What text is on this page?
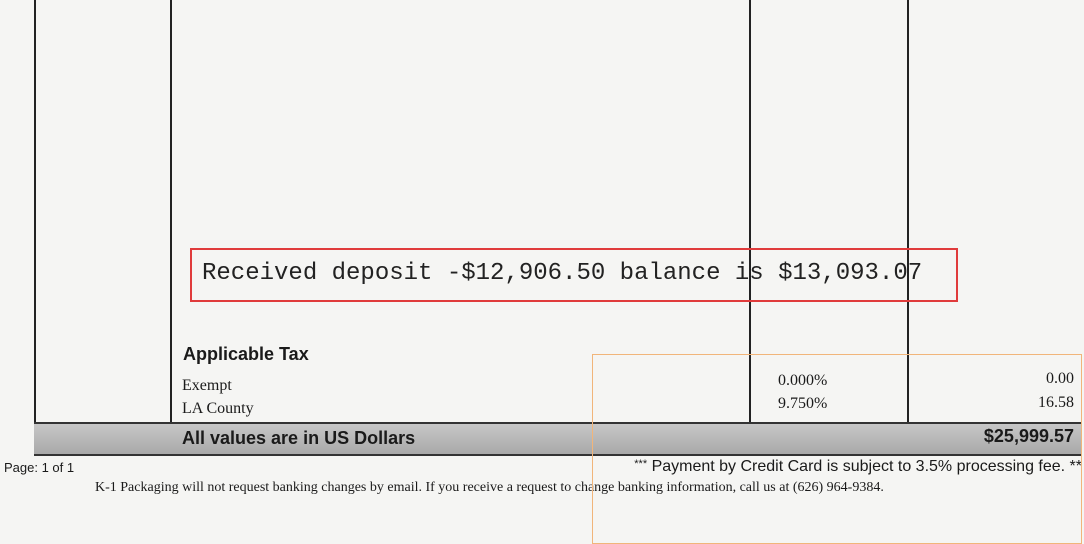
Received deposit -$12,906.50 balance is $13,093.07
Applicable Tax
Exempt	0.000%	0.00
LA County	9.750%	16.58
All values are in US Dollars	$25,999.57
Page: 1 of 1	*** Payment by Credit Card is subject to 3.5% processing fee. **
K-1 Packaging will not request banking changes by email. If you receive a request to change banking information, call us at (626) 964-9384.
